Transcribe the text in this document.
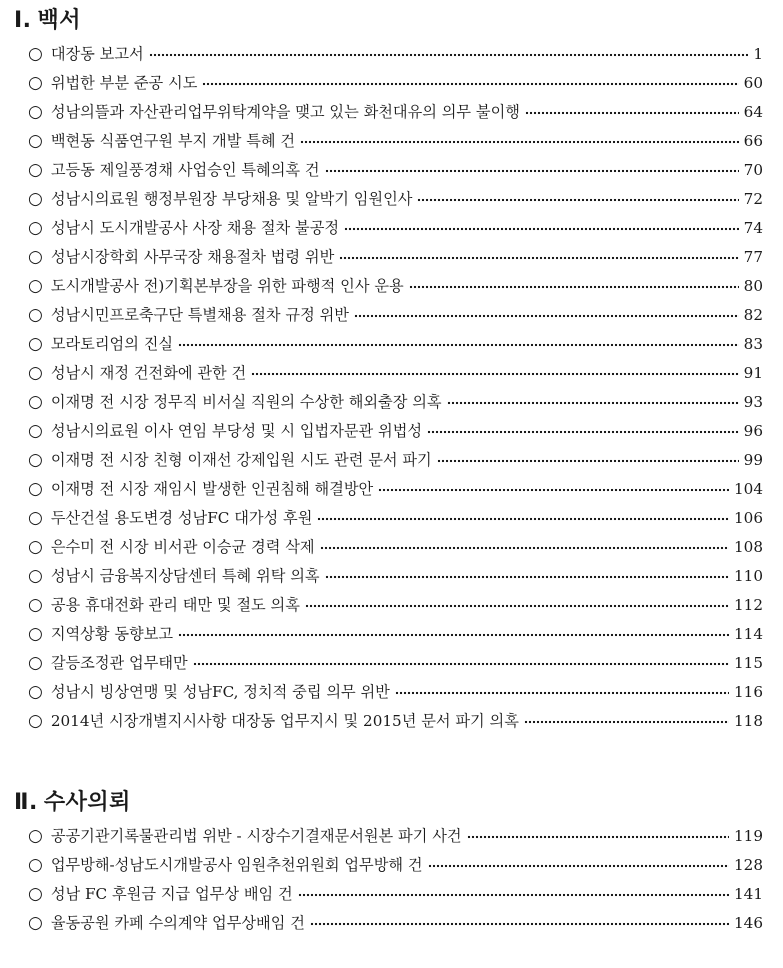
Ⅰ. 백서
○ 대장동 보고서	1
○ 위법한 부분 준공 시도	60
○ 성남의뜰과 자산관리업무위탁계약을 맺고 있는 화천대유의 의무 불이행	64
○ 백현동 식품연구원 부지 개발 특혜 건	66
○ 고등동 제일풍경채 사업승인 특혜의혹 건	70
○ 성남시의료원 행정부원장 부당채용 및 알박기 임원인사	72
○ 성남시 도시개발공사 사장 채용 절차 불공정	74
○ 성남시장학회 사무국장 채용절차 법령 위반	77
○ 도시개발공사 전)기획본부장을 위한 파행적 인사 운용	80
○ 성남시민프로축구단 특별채용 절차 규정 위반	82
○ 모라토리엄의 진실	83
○ 성남시 재정 건전화에 관한 건	91
○ 이재명 전 시장 정무직 비서실 직원의 수상한 해외출장 의혹	93
○ 성남시의료원 이사 연임 부당성 및 시 입법자문관 위법성	96
○ 이재명 전 시장 친형 이재선 강제입원 시도 관련 문서 파기	99
○ 이재명 전 시장 재임시 발생한 인권침해 해결방안	104
○ 두산건설 용도변경 성남FC 대가성 후원	106
○ 은수미 전 시장 비서관 이승균 경력 삭제	108
○ 성남시 금융복지상담센터 특혜 위탁 의혹	110
○ 공용 휴대전화 관리 태만 및 절도 의혹	112
○ 지역상황 동향보고	114
○ 갈등조정관 업무태만	115
○ 성남시 빙상연맹 및 성남FC, 정치적 중립 의무 위반	116
○ 2014년 시장개별지시사항 대장동 업무지시 및 2015년 문서 파기 의혹	118
Ⅱ. 수사의뢰
○ 공공기관기록물관리법 위반 - 시장수기결재문서원본 파기 사건	119
○ 업무방해-성남도시개발공사 임원추천위원회 업무방해 건	128
○ 성남 FC 후원금 지급 업무상 배임 건	141
○ 율동공원 카페 수의계약 업무상배임 건	146
